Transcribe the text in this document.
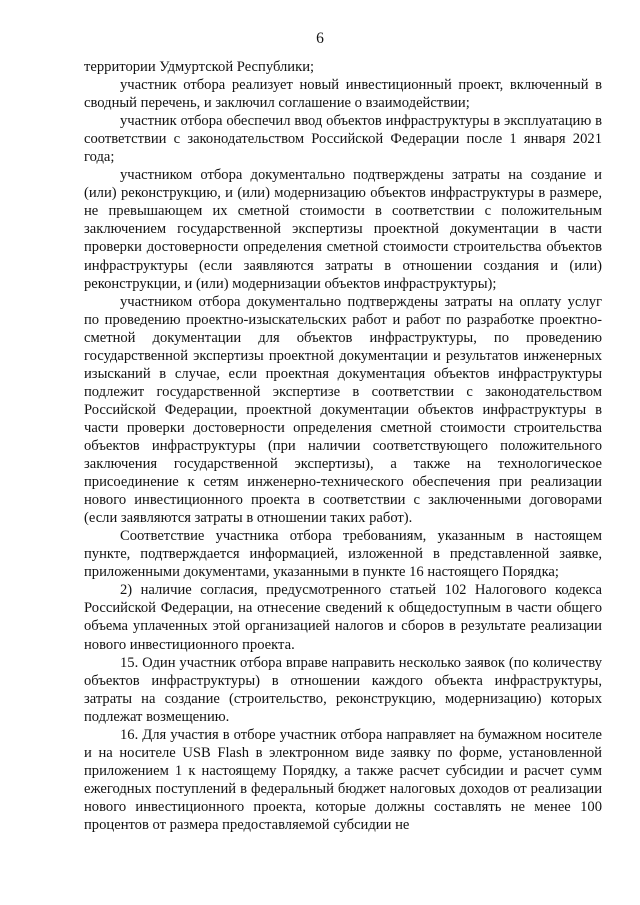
6

территории Удмуртской Республики;

участник отбора реализует новый инвестиционный проект, включенный в сводный перечень, и заключил соглашение о взаимодействии;

участник отбора обеспечил ввод объектов инфраструктуры в эксплуатацию в соответствии с законодательством Российской Федерации после 1 января 2021 года;

участником отбора документально подтверждены затраты на создание и (или) реконструкцию, и (или) модернизацию объектов инфраструктуры в размере, не превышающем их сметной стоимости в соответствии с положительным заключением государственной экспертизы проектной документации в части проверки достоверности определения сметной стоимости строительства объектов инфраструктуры (если заявляются затраты в отношении создания и (или) реконструкции, и (или) модернизации объектов инфраструктуры);

участником отбора документально подтверждены затраты на оплату услуг по проведению проектно-изыскательских работ и работ по разработке проектно-сметной документации для объектов инфраструктуры, по проведению государственной экспертизы проектной документации и результатов инженерных изысканий в случае, если проектная документация объектов инфраструктуры подлежит государственной экспертизе в соответствии с законодательством Российской Федерации, проектной документации объектов инфраструктуры в части проверки достоверности определения сметной стоимости строительства объектов инфраструктуры (при наличии соответствующего положительного заключения государственной экспертизы), а также на технологическое присоединение к сетям инженерно-технического обеспечения при реализации нового инвестиционного проекта в соответствии с заключенными договорами (если заявляются затраты в отношении таких работ).

Соответствие участника отбора требованиям, указанным в настоящем пункте, подтверждается информацией, изложенной в представленной заявке, приложенными документами, указанными в пункте 16 настоящего Порядка;

2) наличие согласия, предусмотренного статьей 102 Налогового кодекса Российской Федерации, на отнесение сведений к общедоступным в части общего объема уплаченных этой организацией налогов и сборов в результате реализации нового инвестиционного проекта.

15. Один участник отбора вправе направить несколько заявок (по количеству объектов инфраструктуры) в отношении каждого объекта инфраструктуры, затраты на создание (строительство, реконструкцию, модернизацию) которых подлежат возмещению.

16. Для участия в отборе участник отбора направляет на бумажном носителе и на носителе USB Flash в электронном виде заявку по форме, установленной приложением 1 к настоящему Порядку, а также расчет субсидии и расчет сумм ежегодных поступлений в федеральный бюджет налоговых доходов от реализации нового инвестиционного проекта, которые должны составлять не менее 100 процентов от размера предоставляемой субсидии не
